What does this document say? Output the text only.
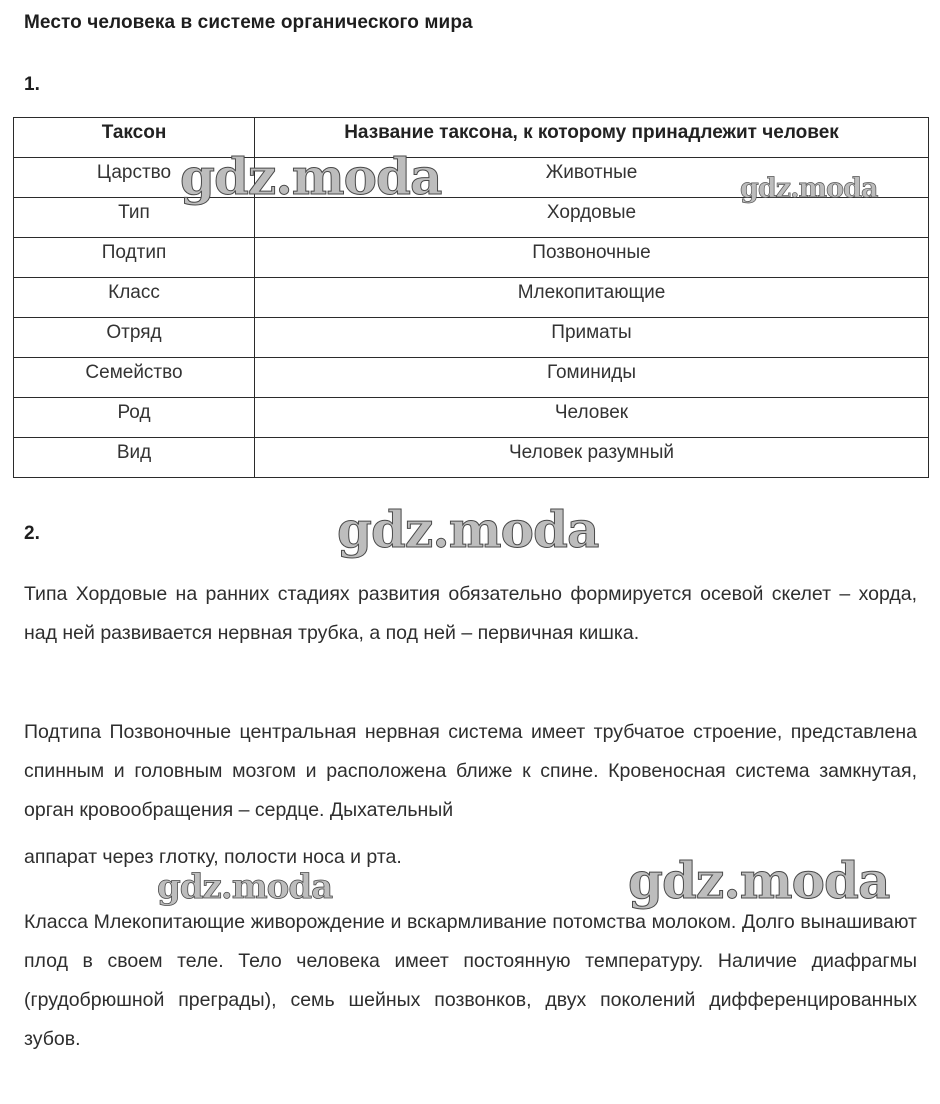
Место человека в системе органического мира
1.
Таксон	Название таксона, к которому принадлежит человек
Царство	Животные
Тип	Хордовые
Подтип	Позвоночные
Класс	Млекопитающие
Отряд	Приматы
Семейство	Гоминиды
Род	Человек
Вид	Человек разумный
2.

Типа Хордовые на ранних стадиях развития обязательно формируется осевой скелет – хорда, над ней развивается нервная трубка, а под ней – первичная кишка.

Подтипа Позвоночные центральная нервная система имеет трубчатое строение, представлена спинным и головным мозгом и расположена ближе к спине. Кровеносная система замкнутая, орган кровообращения – сердце. Дыхательный
аппарат через глотку, полости носа и рта.

Класса Млекопитающие живорождение и вскармливание потомства молоком. Долго вынашивают плод в своем теле. Тело человека имеет постоянную температуру. Наличие диафрагмы (грудобрюшной преграды), семь шейных позвонков, двух поколений дифференцированных зубов.

gdz.moda	gdz.moda
gdz.moda
gdz.moda	gdz.moda
